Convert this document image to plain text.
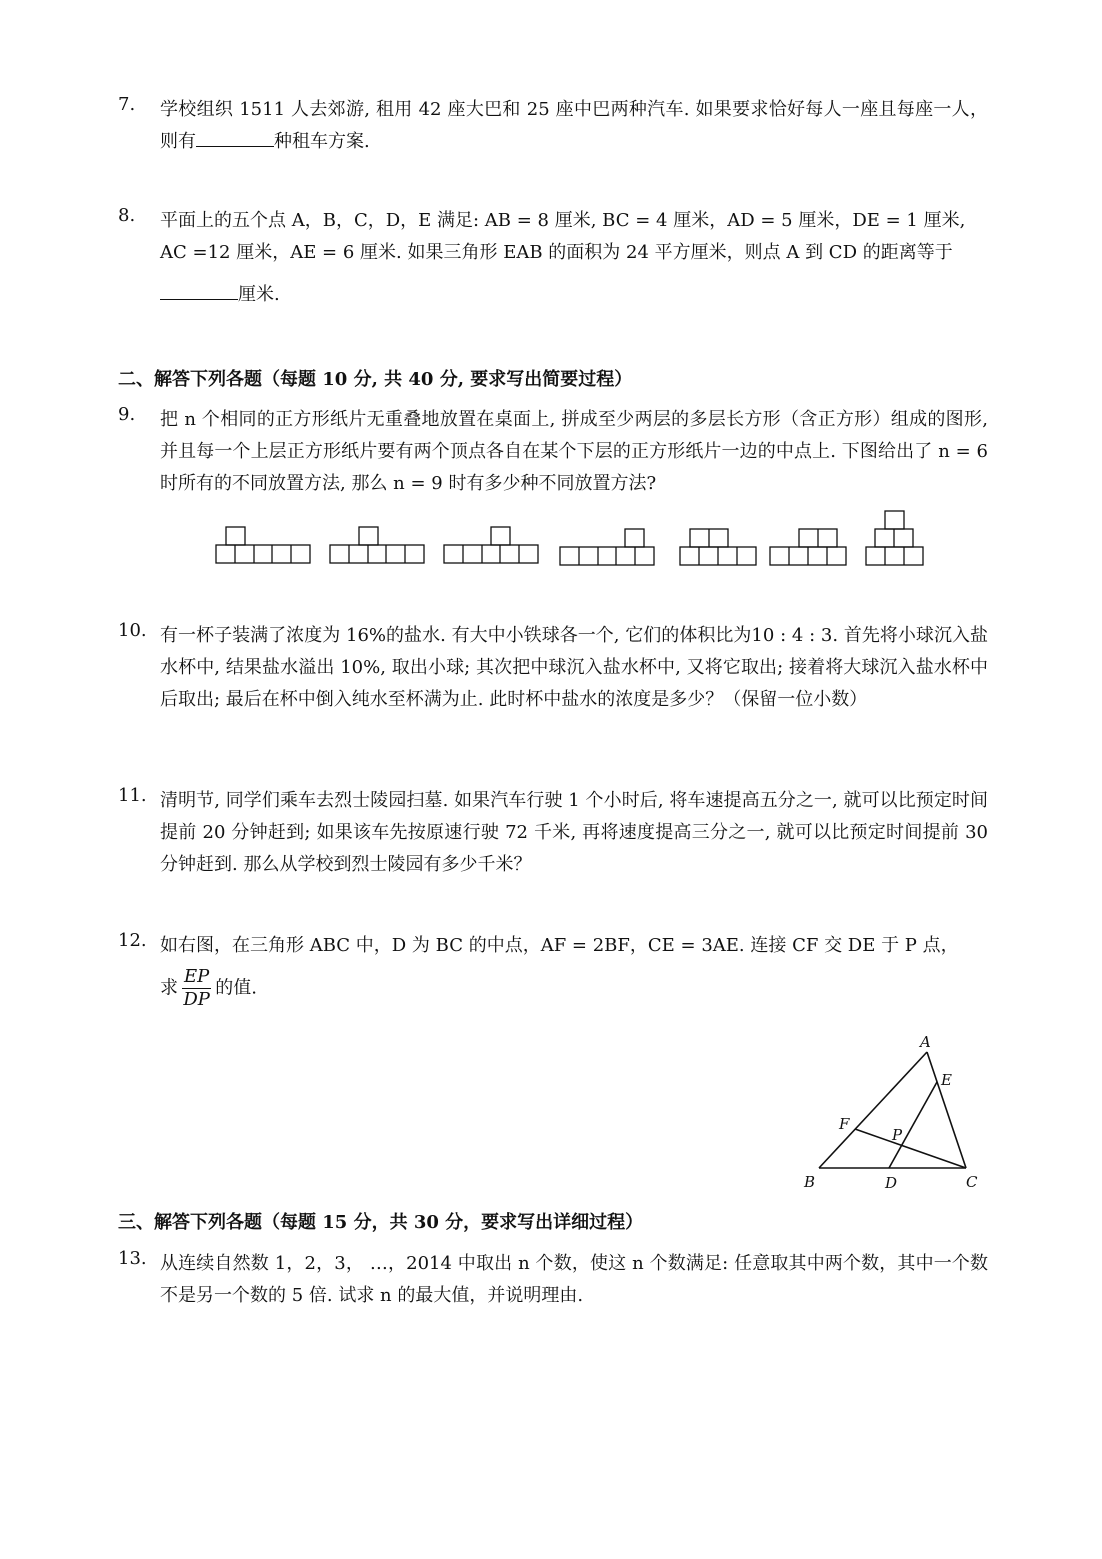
7. 学校组织 1511 人去郊游, 租用 42 座大巴和 25 座中巴两种汽车. 如果要求恰好每人一座且每座一人，则有	种租车方案.
8. 平面上的五个点 A，B，C，D，E 满足: AB = 8 厘米, BC = 4 厘米，AD = 5 厘米，DE = 1 厘米,
AC =12 厘米，AE = 6 厘米. 如果三角形 EAB 的面积为 24 平方厘米，则点 A 到 CD 的距离等于
厘米.
二、解答下列各题（每题 10 分, 共 40 分, 要求写出简要过程）
9. 把 n 个相同的正方形纸片无重叠地放置在桌面上, 拼成至少两层的多层长方形（含正方形）组成的图形, 并且每一个上层正方形纸片要有两个顶点各自在某个下层的正方形纸片一边的中点上. 下图给出了 n = 6 时所有的不同放置方法, 那么 n = 9 时有多少种不同放置方法?
10. 有一杯子装满了浓度为 16%的盐水. 有大中小铁球各一个, 它们的体积比为10 : 4 : 3. 首先将小球沉入盐水杯中, 结果盐水溢出 10%, 取出小球; 其次把中球沉入盐水杯中, 又将它取出; 接着将大球沉入盐水杯中后取出; 最后在杯中倒入纯水至杯满为止. 此时杯中盐水的浓度是多少？（保留一位小数）
11. 清明节, 同学们乘车去烈士陵园扫墓. 如果汽车行驶 1 个小时后, 将车速提高五分之一, 就可以比预定时间提前 20 分钟赶到; 如果该车先按原速行驶 72 千米, 再将速度提高三分之一, 就可以比预定时间提前 30 分钟赶到. 那么从学校到烈士陵园有多少千米？
12. 如右图，在三角形 ABC 中，D 为 BC 的中点，AF = 2BF，CE = 3AE. 连接 CF 交 DE 于 P 点，
求 $\frac{EP}{DP}$ 的值.
A
B	C
D
E
F
P
三、解答下列各题（每题 15 分，共 30 分，要求写出详细过程）
13. 从连续自然数 1，2，3， …，2014 中取出 n 个数，使这 n 个数满足: 任意取其中两个数，其中一个数不是另一个数的 5 倍. 试求 n 的最大值，并说明理由.
